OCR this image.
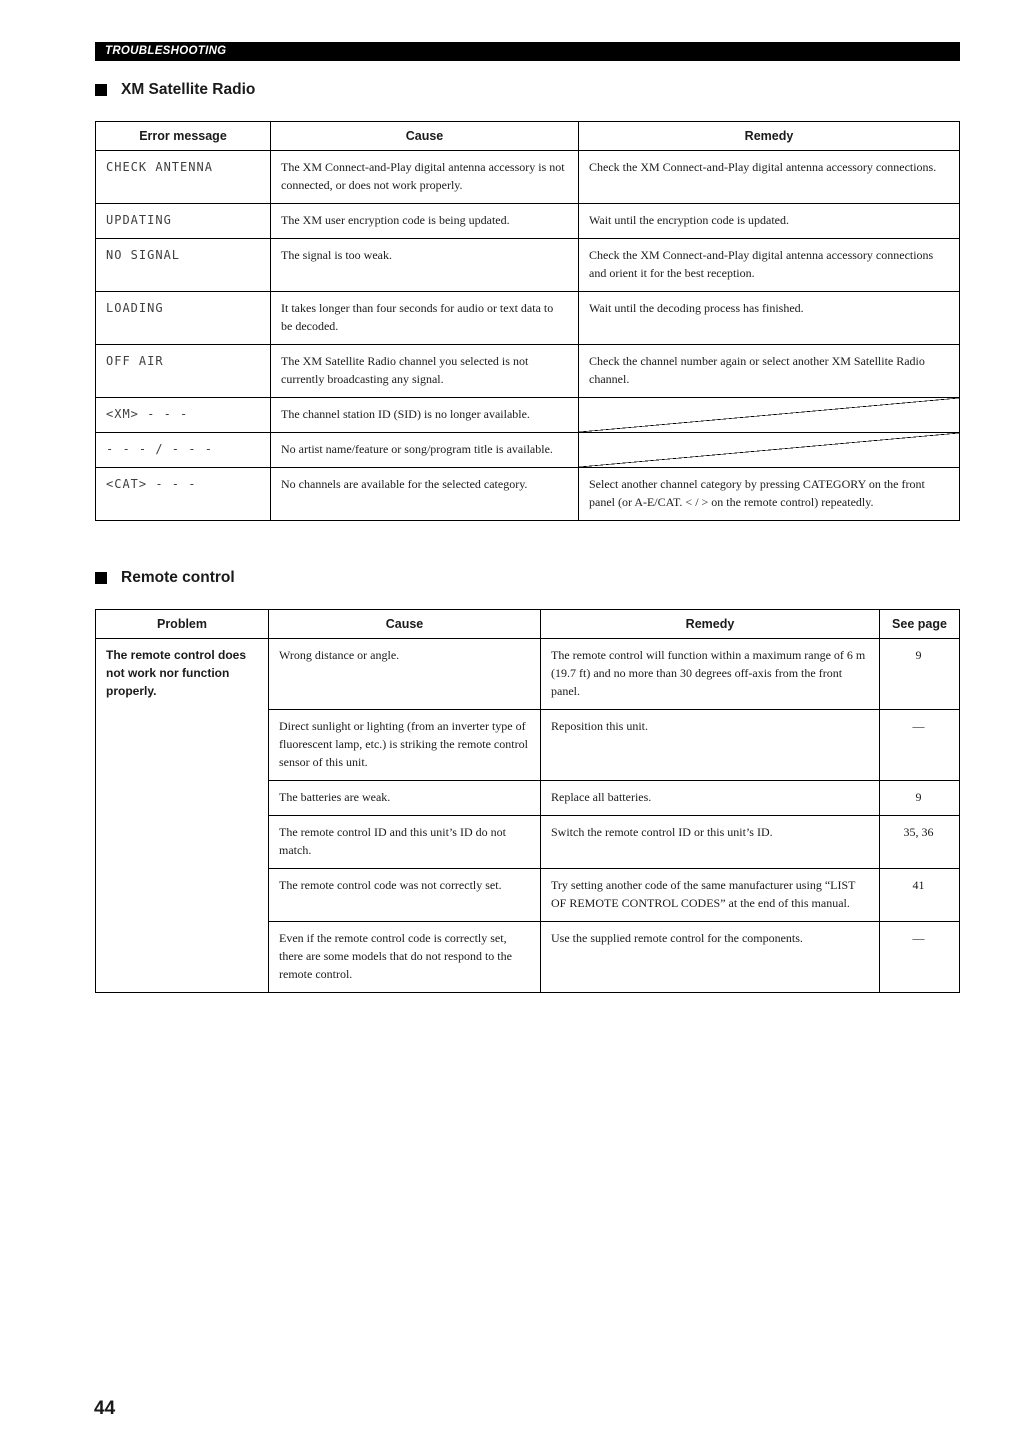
TROUBLESHOOTING
XM Satellite Radio
Error message	Cause	Remedy
CHECK ANTENNA	The XM Connect-and-Play digital antenna accessory is not connected, or does not work properly.	Check the XM Connect-and-Play digital antenna accessory connections.
UPDATING	The XM user encryption code is being updated.	Wait until the encryption code is updated.
NO SIGNAL	The signal is too weak.	Check the XM Connect-and-Play digital antenna accessory connections and orient it for the best reception.
LOADING	It takes longer than four seconds for audio or text data to be decoded.	Wait until the decoding process has finished.
OFF AIR	The XM Satellite Radio channel you selected is not currently broadcasting any signal.	Check the channel number again or select another XM Satellite Radio channel.
<XM> - - -	The channel station ID (SID) is no longer available.	
- - - / - - -	No artist name/feature or song/program title is available.	
<CAT> - - -	No channels are available for the selected category.	Select another channel category by pressing CATEGORY on the front panel (or A-E/CAT. < / > on the remote control) repeatedly.
Remote control
Problem	Cause	Remedy	See page
The remote control does not work nor function properly.	Wrong distance or angle.	The remote control will function within a maximum range of 6 m (19.7 ft) and no more than 30 degrees off-axis from the front panel.	9
	Direct sunlight or lighting (from an inverter type of fluorescent lamp, etc.) is striking the remote control sensor of this unit.	Reposition this unit.	—
	The batteries are weak.	Replace all batteries.	9
	The remote control ID and this unit’s ID do not match.	Switch the remote control ID or this unit’s ID.	35, 36
	The remote control code was not correctly set.	Try setting another code of the same manufacturer using “LIST OF REMOTE CONTROL CODES” at the end of this manual.	41
	Even if the remote control code is correctly set, there are some models that do not respond to the remote control.	Use the supplied remote control for the components.	—
44
